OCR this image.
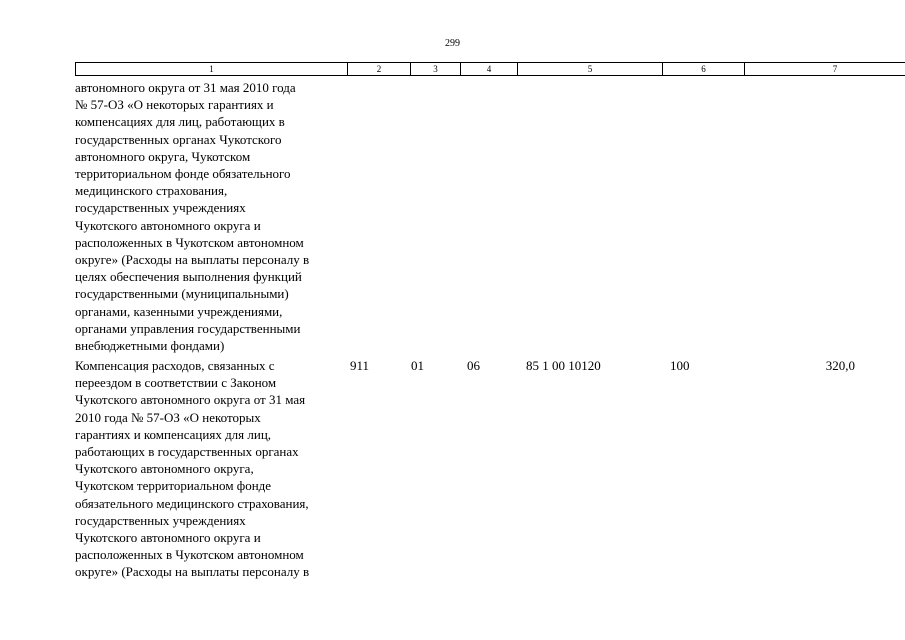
299
1	2	3	4	5	6	7
автономного округа от 31 мая 2010 года
№ 57-ОЗ «О некоторых гарантиях и
компенсациях для лиц, работающих в
государственных органах Чукотского
автономного округа, Чукотском
территориальном фонде обязательного
медицинского страхования,
государственных учреждениях
Чукотского автономного округа и
расположенных в Чукотском автономном
округе» (Расходы на выплаты персоналу в
целях обеспечения выполнения функций
государственными (муниципальными)
органами, казенными учреждениями,
органами управления государственными
внебюджетными фондами)
Компенсация расходов, связанных с
переездом в соответствии с Законом
Чукотского автономного округа от 31 мая
2010 года № 57-ОЗ «О некоторых
гарантиях и компенсациях для лиц,
работающих в государственных органах
Чукотского автономного округа,
Чукотском территориальном фонде
обязательного медицинского страхования,
государственных учреждениях
Чукотского автономного округа и
расположенных в Чукотском автономном
округе» (Расходы на выплаты персоналу в
911	01	06	85 1 00 10120	100	320,0
